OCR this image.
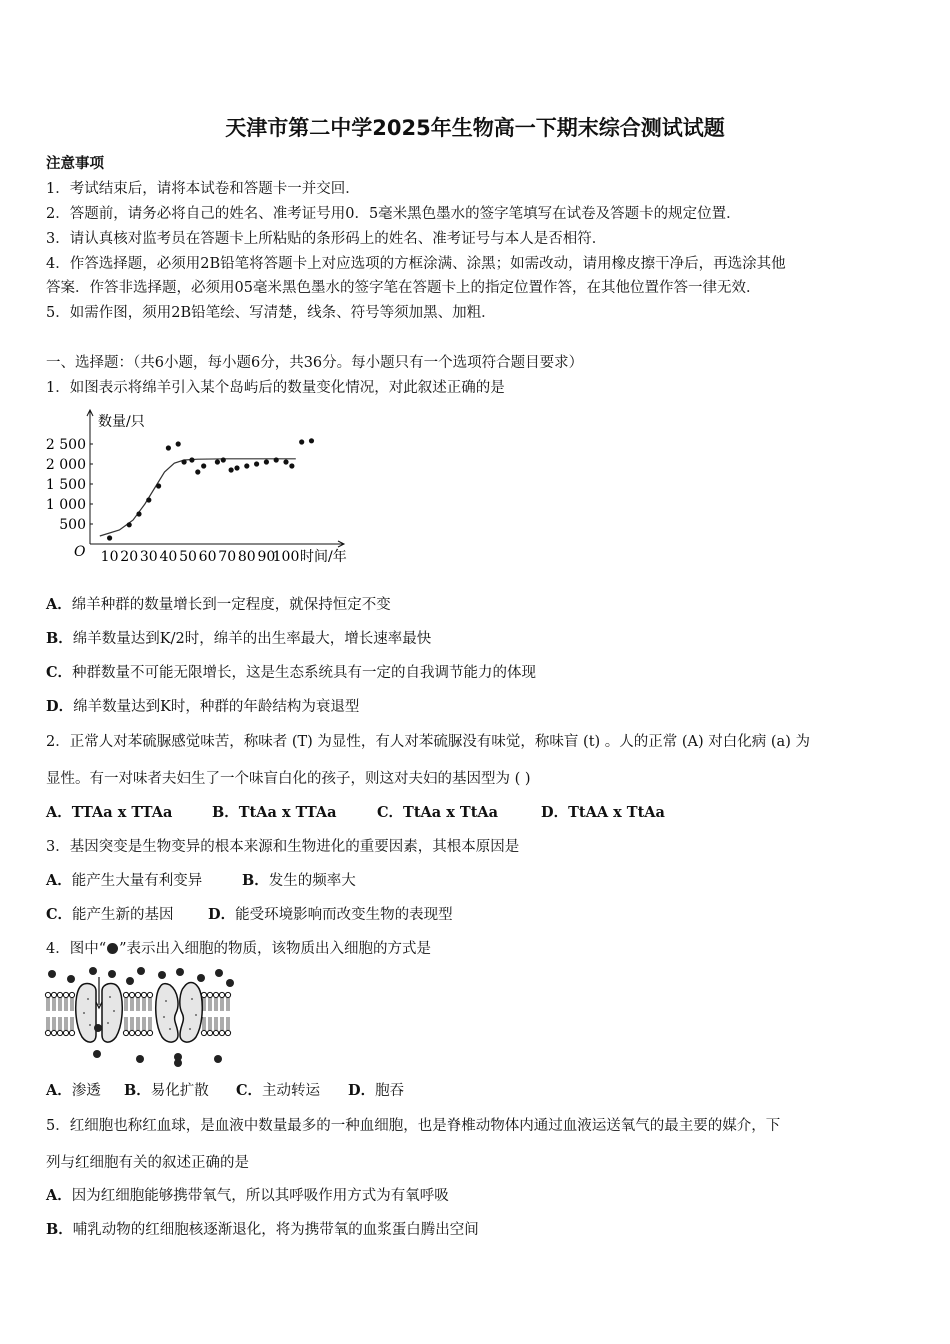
天津市第二中学2025年生物高一下期末综合测试试题
注意事项
1．考试结束后，请将本试卷和答题卡一并交回．
2．答题前，请务必将自己的姓名、准考证号用0．5毫米黑色墨水的签字笔填写在试卷及答题卡的规定位置．
3．请认真核对监考员在答题卡上所粘贴的条形码上的姓名、准考证号与本人是否相符．
4．作答选择题，必须用2B铅笔将答题卡上对应选项的方框涂满、涂黑；如需改动，请用橡皮擦干净后，再选涂其他
答案．作答非选择题，必须用05毫米黑色墨水的签字笔在答题卡上的指定位置作答，在其他位置作答一律无效．
5．如需作图，须用2B铅笔绘、写清楚，线条、符号等须加黑、加粗．
一、选择题：（共6小题，每小题6分，共36分。每小题只有一个选项符合题目要求）
1．如图表示将绵羊引入某个岛屿后的数量变化情况，对此叙述正确的是
数量/只
O
2 500
2 000
1 500
1 000
500
10 20 30 40 50 60 70 80 90
100 时间/年
A．绵羊种群的数量增长到一定程度，就保持恒定不变
B．绵羊数量达到K/2时，绵羊的出生率最大，增长速率最快
C．种群数量不可能无限增长，这是生态系统具有一定的自我调节能力的体现
D．绵羊数量达到K时，种群的年龄结构为衰退型
2．正常人对苯硫脲感觉味苦，称味者 (T) 为显性，有人对苯硫脲没有味觉，称味盲 (t) 。人的正常 (A) 对白化病 (a) 为
显性。有一对味者夫妇生了一个味盲白化的孩子，则这对夫妇的基因型为 ( )
A．TTAa x TTAa	B．TtAa x TTAa	C．TtAa x TtAa	D．TtAA x TtAa
3．基因突变是生物变异的根本来源和生物进化的重要因素，其根本原因是
A．能产生大量有利变异	B．发生的频率大
C．能产生新的基因 D．能受环境影响而改变生物的表现型
4．图中“ ”表示出入细胞的物质，该物质出入细胞的方式是
A．渗透 B．易化扩散 C．主动转运 D．胞吞
5．红细胞也称红血球，是血液中数量最多的一种血细胞，也是脊椎动物体内通过血液运送氧气的最主要的媒介，下
列与红细胞有关的叙述正确的是
A．因为红细胞能够携带氧气，所以其呼吸作用方式为有氧呼吸
B．哺乳动物的红细胞核逐渐退化，将为携带氧的血浆蛋白腾出空间
